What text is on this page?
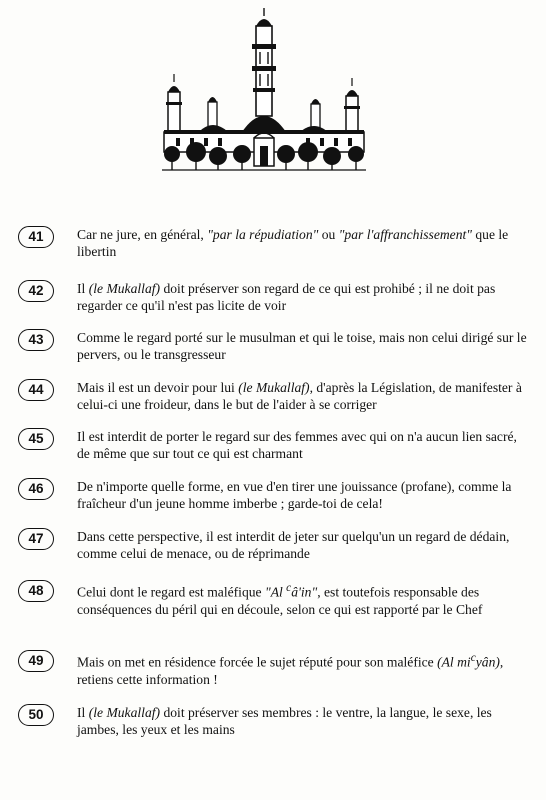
41	Car ne jure, en général, "par la répudiation" ou "par l'affranchissement" que le libertin
42	Il (le Mukallaf) doit préserver son regard de ce qui est prohibé ; il ne doit pas regarder ce qu'il n'est pas licite de voir
43	Comme le regard porté sur le musulman et qui le toise, mais non celui dirigé sur le pervers, ou le transgresseur
44	Mais il est un devoir pour lui (le Mukallaf), d'après la Législation, de manifester à celui-ci une froideur, dans le but de l'aider à se corriger
45	Il est interdit de porter le regard sur des femmes avec qui on n'a aucun lien sacré, de même que sur tout ce qui est charmant
46	De n'importe quelle forme, en vue d'en tirer une jouissance (profane), comme la fraîcheur d'un jeune homme imberbe ; garde-toi de cela!
47	Dans cette perspective, il est interdit de jeter sur quelqu'un un regard de dédain, comme celui de menace, ou de réprimande
48	Celui dont le regard est maléfique "Al $^c$â'in", est toutefois responsable des conséquences du péril qui en découle, selon ce qui est rapporté par le Chef
49	Mais on met en résidence forcée le sujet réputé pour son maléfice (Al $mi^cyân$), retiens cette information !
50	Il (le Mukallaf) doit préserver ses membres : le ventre, la langue, le sexe, les jambes, les yeux et les mains
